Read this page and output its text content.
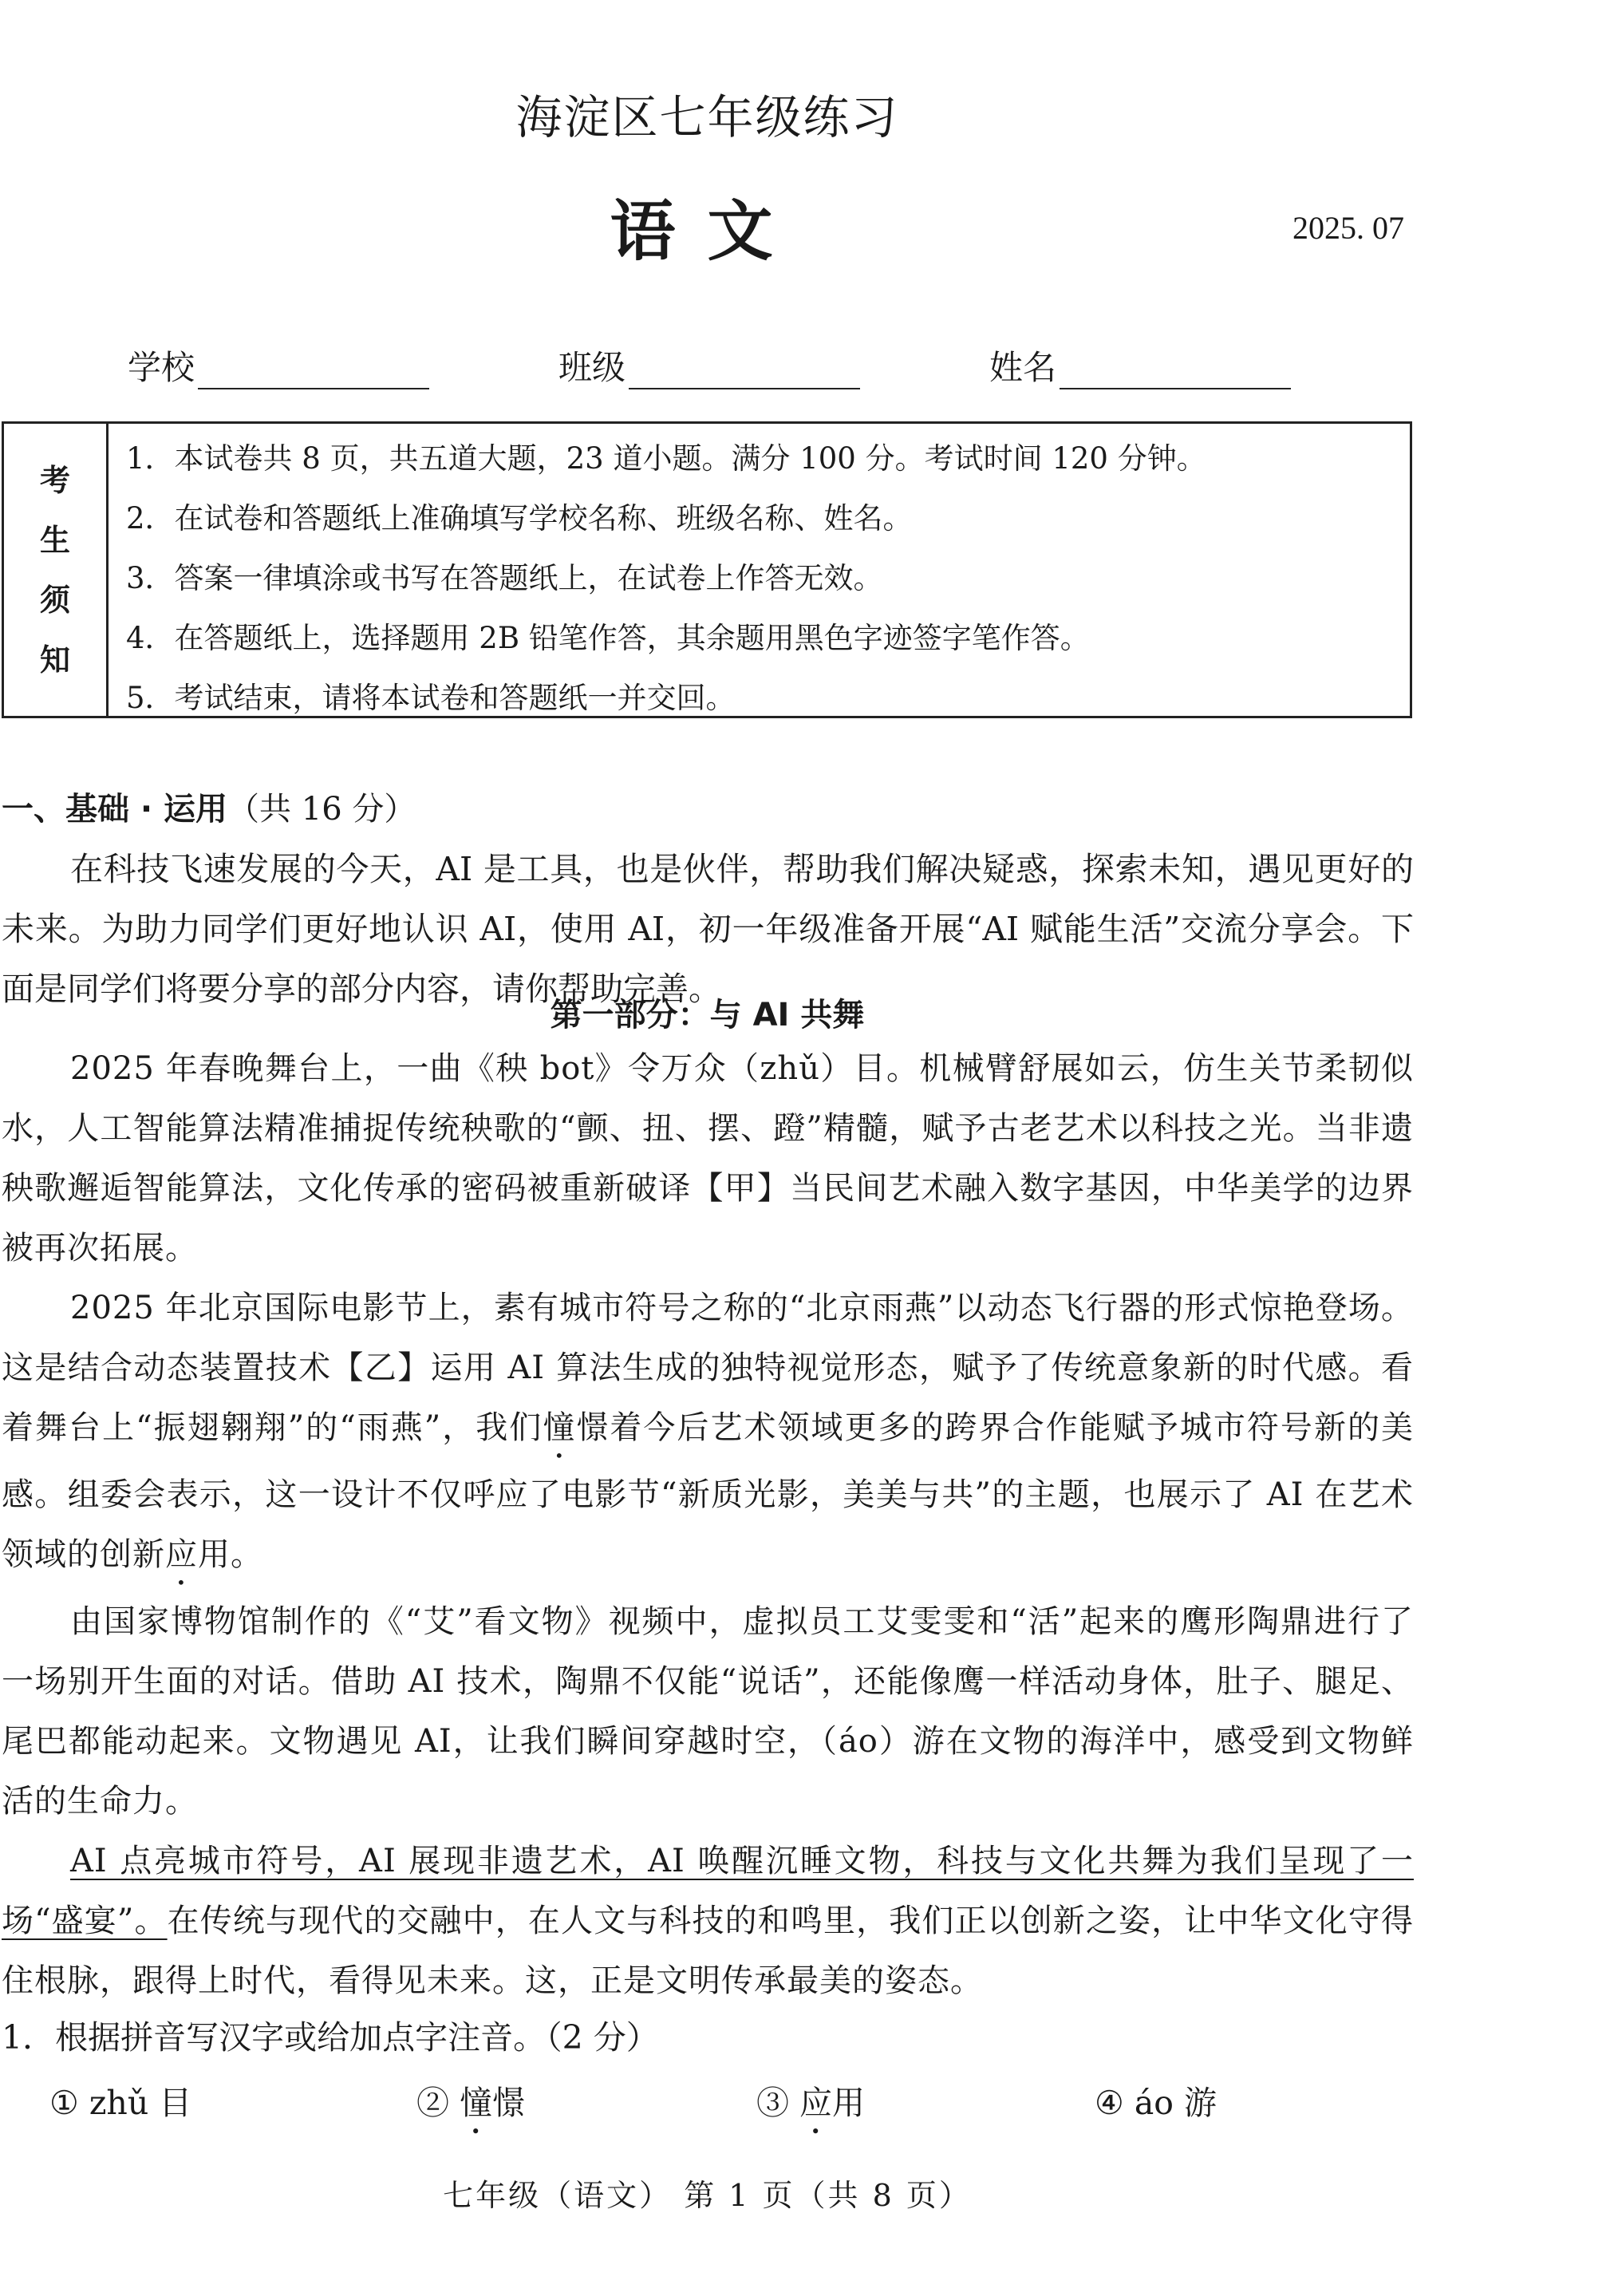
海淀区七年级练习
语文	2025. 07
学校	班级	姓名
考
生
须
知
1．本试卷共 8 页，共五道大题，23 道小题。满分 100 分。考试时间 120 分钟。
2．在试卷和答题纸上准确填写学校名称、班级名称、姓名。
3．答案一律填涂或书写在答题纸上，在试卷上作答无效。
4．在答题纸上，选择题用 2B 铅笔作答，其余题用黑色字迹签字笔作答。
5．考试结束，请将本试卷和答题纸一并交回。
一、基础 · 运用（共 16 分）

在科技飞速发展的今天，AI 是工具，也是伙伴，帮助我们解决疑惑，探索未知，遇见更好的未来。为助力同学们更好地认识 AI，使用 AI，初一年级准备开展“AI 赋能生活”交流分享会。下面是同学们将要分享的部分内容，请你帮助完善。

第一部分：与 AI 共舞

2025 年春晚舞台上，一曲《秧 bot》令万众（zhǔ）目。机械臂舒展如云，仿生关节柔韧似水，人工智能算法精准捕捉传统秧歌的“颤、扭、摆、蹬”精髓，赋予古老艺术以科技之光。当非遗秧歌邂逅智能算法，文化传承的密码被重新破译【甲】当民间艺术融入数字基因，中华美学的边界被再次拓展。

2025 年北京国际电影节上，素有城市符号之称的“北京雨燕”以动态飞行器的形式惊艳登场。这是结合动态装置技术【乙】运用 AI 算法生成的独特视觉形态，赋予了传统意象新的时代感。看着舞台上“振翅翱翔”的“雨燕”，我们憧憬着今后艺术领域更多的跨界合作能赋予城市符号新的美感。组委会表示，这一设计不仅呼应了电影节“新质光影，美美与共”的主题，也展示了 AI 在艺术领域的创新应用。

由国家博物馆制作的《“艾”看文物》视频中，虚拟员工艾雯雯和“活”起来的鹰形陶鼎进行了一场别开生面的对话。借助 AI 技术，陶鼎不仅能“说话”，还能像鹰一样活动身体，肚子、腿足、尾巴都能动起来。文物遇见 AI，让我们瞬间穿越时空，（áo）游在文物的海洋中，感受到文物鲜活的生命力。

AI 点亮城市符号，AI 展现非遗艺术，AI 唤醒沉睡文物，科技与文化共舞为我们呈现了一场“盛宴”。在传统与现代的交融中，在人文与科技的和鸣里，我们正以创新之姿，让中华文化守得住根脉，跟得上时代，看得见未来。这，正是文明传承最美的姿态。

1．根据拼音写汉字或给加点字注音。（2 分）
① zhǔ 目	② 憧憬	③ 应用	④ áo 游
七年级（语文） 第 1 页（共 8 页）
